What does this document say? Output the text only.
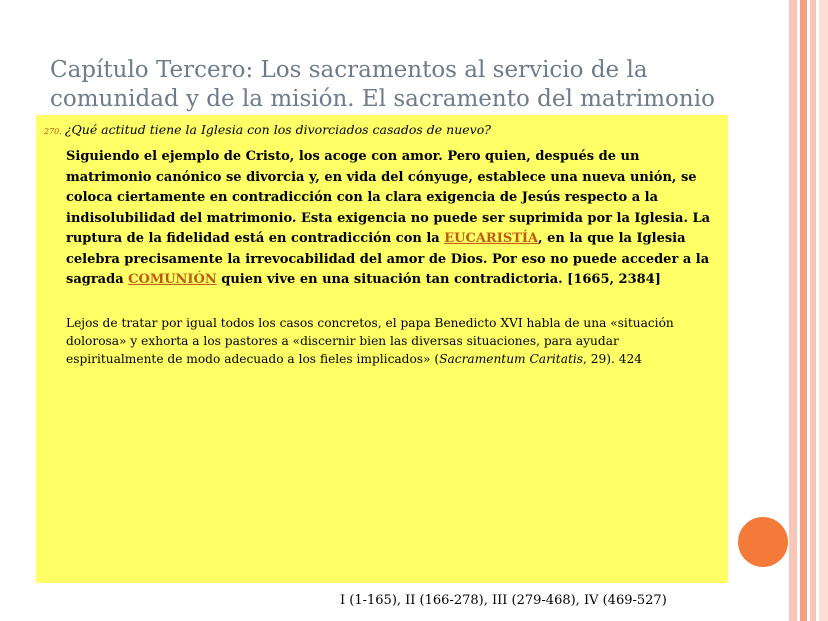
Capítulo Tercero: Los sacramentos al servicio de la comunidad y de la misión. El sacramento del matrimonio
270. ¿Qué actitud tiene la Iglesia con los divorciados casados de nuevo?

Siguiendo el ejemplo de Cristo, los acoge con amor. Pero quien, después de un matrimonio canónico se divorcia y, en vida del cónyuge, establece una nueva unión, se coloca ciertamente en contradicción con la clara exigencia de Jesús respecto a la indisolubilidad del matrimonio. Esta exigencia no puede ser suprimida por la Iglesia. La ruptura de la fidelidad está en contradicción con la EUCARISTÍA, en la que la Iglesia celebra precisamente la irrevocabilidad del amor de Dios. Por eso no puede acceder a la sagrada COMUNIÓN quien vive en una situación tan contradictoria. [1665, 2384]

Lejos de tratar por igual todos los casos concretos, el papa Benedicto XVI habla de una «situación dolorosa» y exhorta a los pastores a «discernir bien las diversas situaciones, para ayudar espiritualmente de modo adecuado a los fieles implicados» (Sacramentum Caritatis, 29). 424

I (1-165), II (166-278), III (279-468), IV (469-527)
